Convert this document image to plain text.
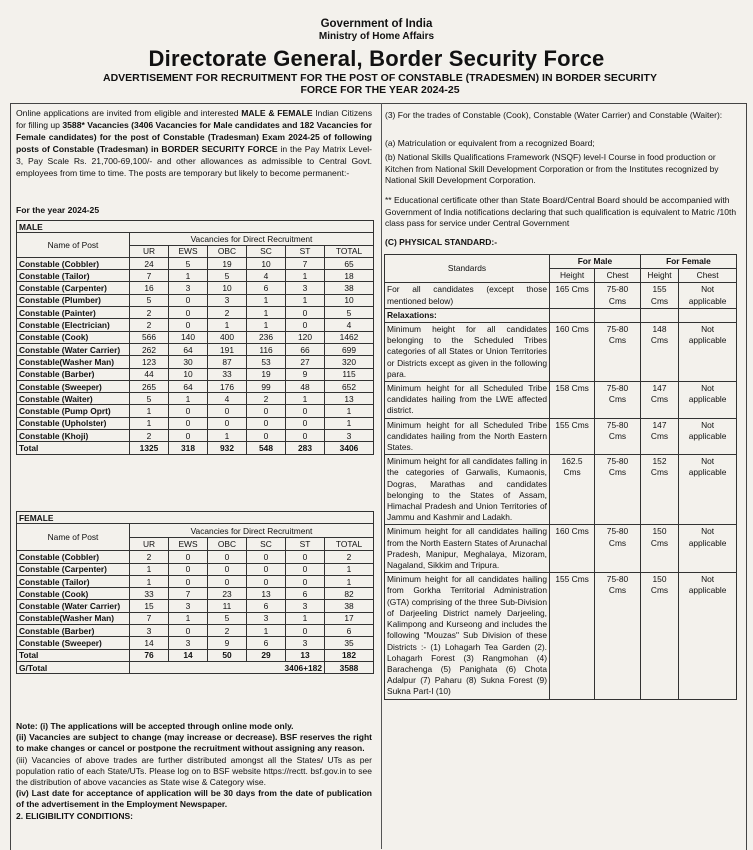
Government of India
Ministry of Home Affairs
Directorate General, Border Security Force
ADVERTISEMENT FOR RECRUITMENT FOR THE POST OF CONSTABLE (TRADESMEN) IN BORDER SECURITY
FORCE FOR THE YEAR 2024-25
Online applications are invited from eligible and interested MALE & FEMALE Indian Citizens for filling up 3588* Vacancies (3406 Vacancies for Male candidates and 182 Vacancies for Female candidates) for the post of Constable (Tradesman) Exam 2024-25 of following posts of Constable (Tradesman) in BORDER SECURITY FORCE in the Pay Matrix Level-3, Pay Scale Rs. 21,700-69,100/- and other allowances as admissible to Central Govt. employees from time to time. The posts are temporary but likely to become permanent:-
For the year 2024-25
MALE						
Name of Post	Vacancies for Direct Recruitment					
	UR	EWS	OBC	SC	ST	TOTAL
Constable (Cobbler)	24	5	19	10	7	65
Constable (Tailor)	7	1	5	4	1	18
Constable (Carpenter)	16	3	10	6	3	38
Constable (Plumber)	5	0	3	1	1	10
Constable (Painter)	2	0	2	1	0	5
Constable (Electrician)	2	0	1	1	0	4
Constable (Cook)	566	140	400	236	120	1462
Constable (Water Carrier)	262	64	191	116	66	699
Constable(Washer Man)	123	30	87	53	27	320
Constable (Barber)	44	10	33	19	9	115
Constable (Sweeper)	265	64	176	99	48	652
Constable (Waiter)	5	1	4	2	1	13
Constable (Pump Oprt)	1	0	0	0	0	1
Constable (Upholster)	1	0	0	0	0	1
Constable (Khoji)	2	0	1	0	0	3
Total	1325	318	932	548	283	3406
FEMALE						
Name of Post	Vacancies for Direct Recruitment					
	UR	EWS	OBC	SC	ST	TOTAL
Constable (Cobbler)	2	0	0	0	0	2
Constable (Carpenter)	1	0	0	0	0	1
Constable (Tailor)	1	0	0	0	0	1
Constable (Cook)	33	7	23	13	6	82
Constable (Water Carrier)	15	3	11	6	3	38
Constable(Washer Man)	7	1	5	3	1	17
Constable (Barber)	3	0	2	1	0	6
Constable (Sweeper)	14	3	9	6	3	35
Total	76	14	50	29	13	182
G/Total	3406+182					3588
Note: (i) The applications will be accepted through online mode only.
(ii) Vacancies are subject to change (may increase or decrease). BSF reserves the right to make changes or cancel or postpone the recruitment without assigning any reason.
(iii) Vacancies of above trades are further distributed amongst all the States/ UTs as per population ratio of each State/UTs. Please log on to BSF website https://rectt. bsf.gov.in to see the distribution of above vacancies as State wise & Category wise.
(iv) Last date for acceptance of application will be 30 days from the date of publication of the advertisement in the Employment Newspaper.
2. ELIGIBILITY CONDITIONS:
(3) For the trades of Constable (Cook), Constable (Water Carrier) and Constable (Waiter):
(a) Matriculation or equivalent from a recognized Board;
(b) National Skills Qualifications Framework (NSQF) level-I Course in food production or Kitchen from National Skill Development Corporation or from the Institutes recognized by National Skill Development Corporation.
** Educational certificate other than State Board/Central Board should be accompanied with Government of India notifications declaring that such qualification is equivalent to Matric /10th class pass for service under Central Government
(C) PHYSICAL STANDARD:-
Standards	For Male		For Female	
	Height	Chest	Height	Chest
For all candidates (except those mentioned below)	165 Cms	75-80 Cms	155 Cms	Not applicable
Relaxations:				
Minimum height for all candidates belonging to the Scheduled Tribes categories of all States or Union Territories or Districts except as given in the following para.	160 Cms	75-80 Cms	148 Cms	Not applicable
Minimum height for all Scheduled Tribe candidates hailing from the LWE affected district.	158 Cms	75-80 Cms	147 Cms	Not applicable
Minimum height for all Scheduled Tribe candidates hailing from the North Eastern States.	155 Cms	75-80 Cms	147 Cms	Not applicable
Minimum height for all candidates falling in the categories of Garwalis, Kumaonis, Dogras, Marathas and candidates belonging to the States of Assam, Himachal Pradesh and Union Territories of Jammu and Kashmir and Ladakh.	162.5 Cms	75-80 Cms	152 Cms	Not applicable
Minimum height for all candidates hailing from the North Eastern States of Arunachal Pradesh, Manipur, Meghalaya, Mizoram, Nagaland, Sikkim and Tripura.	160 Cms	75-80 Cms	150 Cms	Not applicable
Minimum height for all candidates hailing from Gorkha Territorial Administration (GTA) comprising of the three Sub-Division of Darjeeling District namely Darjeeling, Kalimpong and Kurseong and includes the following "Mouzas" Sub Division of these Districts :- (1) Lohagarh Tea Garden (2). Lohagarh Forest (3) Rangmohan (4) Barachenga (5) Panighata (6) Chota Adalpur (7) Paharu (8) Sukna Forest (9) Sukna Part-I (10)	155 Cms	75-80 Cms	150 Cms	Not applicable
